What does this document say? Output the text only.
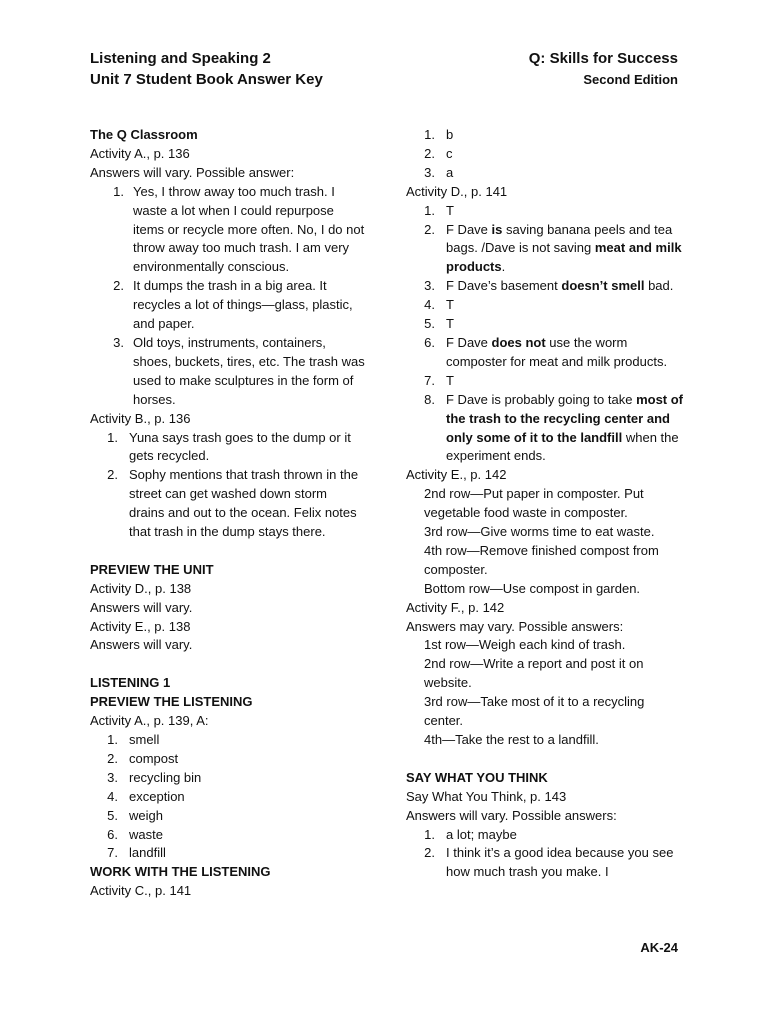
Listening and Speaking 2
Unit 7 Student Book Answer Key
Q: Skills for Success
Second Edition
The Q Classroom
Activity A., p. 136
Answers will vary. Possible answer:
1. Yes, I throw away too much trash. I waste a lot when I could repurpose items or recycle more often. No, I do not throw away too much trash. I am very environmentally conscious.
2. It dumps the trash in a big area. It recycles a lot of things—glass, plastic, and paper.
3. Old toys, instruments, containers, shoes, buckets, tires, etc. The trash was used to make sculptures in the form of horses.
Activity B., p. 136
1. Yuna says trash goes to the dump or it gets recycled.
2. Sophy mentions that trash thrown in the street can get washed down storm drains and out to the ocean. Felix notes that trash in the dump stays there.
PREVIEW THE UNIT
Activity D., p. 138
Answers will vary.
Activity E., p. 138
Answers will vary.
LISTENING 1
PREVIEW THE LISTENING
Activity A., p. 139, A:
1. smell
2. compost
3. recycling bin
4. exception
5. weigh
6. waste
7. landfill
WORK WITH THE LISTENING
Activity C., p. 141
1. b
2. c
3. a
Activity D., p. 141
1. T
2. F Dave is saving banana peels and tea bags. /Dave is not saving meat and milk products.
3. F Dave’s basement doesn’t smell bad.
4. T
5. T
6. F Dave does not use the worm composter for meat and milk products.
7. T
8. F Dave is probably going to take most of the trash to the recycling center and only some of it to the landfill when the experiment ends.
Activity E., p. 142
2nd row—Put paper in composter. Put vegetable food waste in composter.
3rd row—Give worms time to eat waste.
4th row—Remove finished compost from composter.
Bottom row—Use compost in garden.
Activity F., p. 142
Answers may vary. Possible answers:
1st row—Weigh each kind of trash.
2nd row—Write a report and post it on website.
3rd row—Take most of it to a recycling center.
4th—Take the rest to a landfill.
SAY WHAT YOU THINK
Say What You Think, p. 143
Answers will vary. Possible answers:
1. a lot; maybe
2. I think it’s a good idea because you see how much trash you make. I
AK-24
